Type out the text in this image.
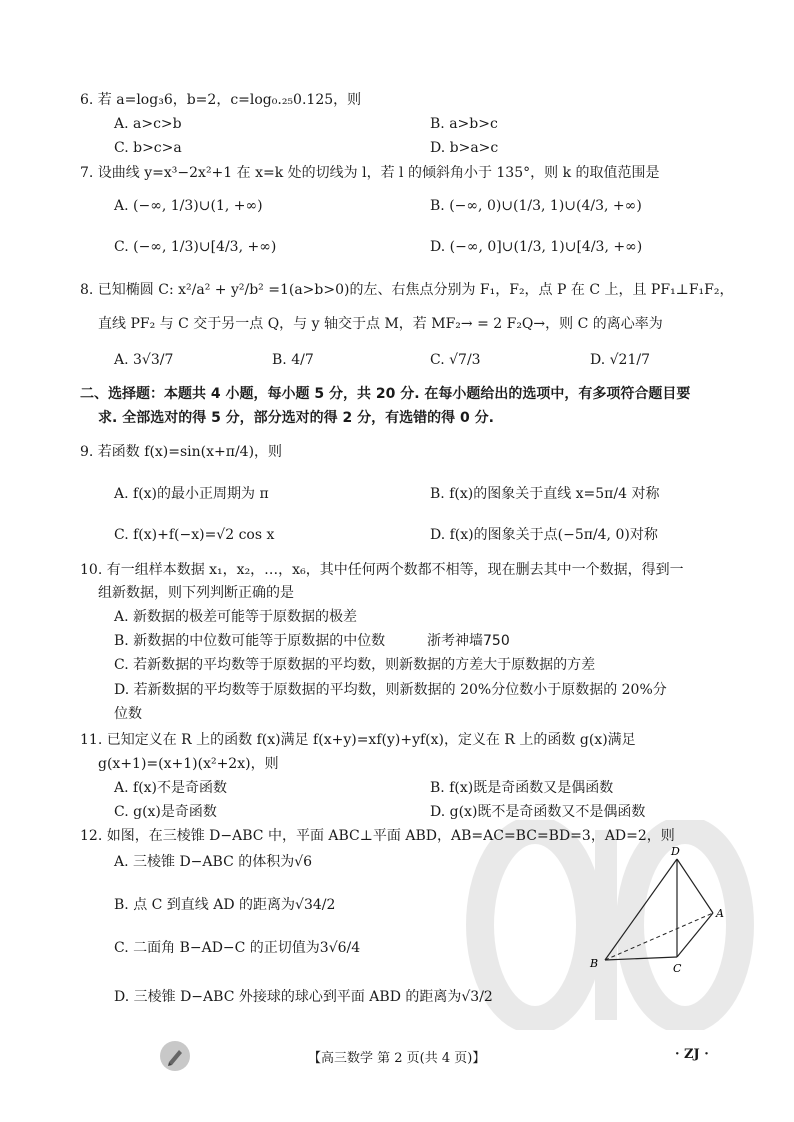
6. 若 a=log₃6，b=2，c=log₀.₂₅0.125，则
A. a>c>b	B. a>b>c
C. b>c>a	D. b>a>c
7. 设曲线 y=x³−2x²+1 在 x=k 处的切线为 l，若 l 的倾斜角小于 135°，则 k 的取值范围是
A. (−∞, 1/3)∪(1, +∞)	B. (−∞, 0)∪(1/3, 1)∪(4/3, +∞)
C. (−∞, 1/3)∪[4/3, +∞)	D. (−∞, 0]∪(1/3, 1)∪[4/3, +∞)
8. 已知椭圆 C: x²/a² + y²/b² =1(a>b>0)的左、右焦点分别为 F₁，F₂，点 P 在 C 上，且 PF₁⊥F₁F₂，
直线 PF₂ 与 C 交于另一点 Q，与 y 轴交于点 M，若 MF₂→ = 2 F₂Q→，则 C 的离心率为
A. 3√3/7	B. 4/7	C. √7/3	D. √21/7
二、选择题：本题共 4 小题，每小题 5 分，共 20 分. 在每小题给出的选项中，有多项符合题目要
求. 全部选对的得 5 分，部分选对的得 2 分，有选错的得 0 分.
9. 若函数 f(x)=sin(x+π/4)，则
A. f(x)的最小正周期为 π	B. f(x)的图象关于直线 x=5π/4 对称
C. f(x)+f(−x)=√2 cos x	D. f(x)的图象关于点(−5π/4, 0)对称
10. 有一组样本数据 x₁，x₂，…，x₆，其中任何两个数都不相等，现在删去其中一个数据，得到一
组新数据，则下列判断正确的是
A. 新数据的极差可能等于原数据的极差
B. 新数据的中位数可能等于原数据的中位数	浙考神墙750
C. 若新数据的平均数等于原数据的平均数，则新数据的方差大于原数据的方差
D. 若新数据的平均数等于原数据的平均数，则新数据的 20%分位数小于原数据的 20%分
位数
11. 已知定义在 R 上的函数 f(x)满足 f(x+y)=xf(y)+yf(x)，定义在 R 上的函数 g(x)满足
g(x+1)=(x+1)(x²+2x)，则
A. f(x)不是奇函数	B. f(x)既是奇函数又是偶函数
C. g(x)是奇函数	D. g(x)既不是奇函数又不是偶函数
12. 如图，在三棱锥 D−ABC 中，平面 ABC⊥平面 ABD，AB=AC=BC=BD=3，AD=2，则
A. 三棱锥 D−ABC 的体积为√6
B. 点 C 到直线 AD 的距离为√34/2
C. 二面角 B−AD−C 的正切值为3√6/4
D. 三棱锥 D−ABC 外接球的球心到平面 ABD 的距离为√3/2
D
A
B	C
【高三数学 第 2 页(共 4 页)】	· ZJ ·
